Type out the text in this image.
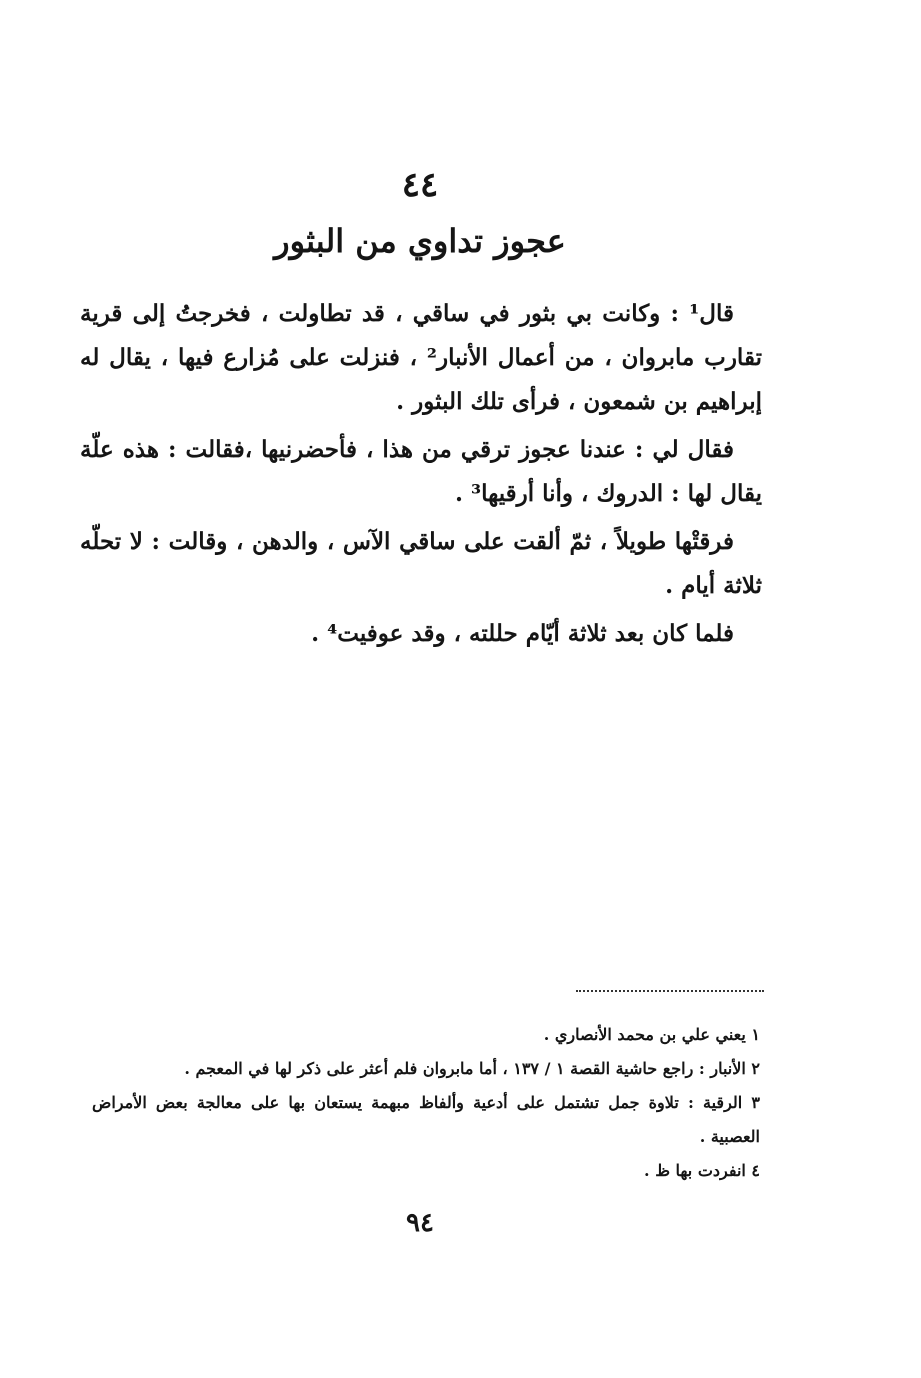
٤٤
عجوز تداوي من البثور

قال¹ : وكانت بي بثور في ساقي ، قد تطاولت ، فخرجتُ إلى قرية تقارب مابروان ، من أعمال الأنبار² ، فنزلت على مُزارع فيها ، يقال له إبراهيم بن شمعون ، فرأى تلك البثور .

فقال لي : عندنا عجوز ترقي من هذا ، فأحضرنيها ،فقالت : هذه علّة يقال لها : الدروك ، وأنا أرقيها³ .

فرقتْها طويلاً ، ثمّ ألقت على ساقي الآس ، والدهن ، وقالت : لا تحلّه ثلاثة أيام .

فلما كان بعد ثلاثة أيّام حللته ، وقد عوفيت⁴ .

١ يعني علي بن محمد الأنصاري .

٢ الأنبار : راجع حاشية القصة ١ / ١٣٧ ، أما مابروان فلم أعثر على ذكر لها في المعجم .

٣ الرقية : تلاوة جمل تشتمل على أدعية وألفاظ مبهمة يستعان بها على معالجة بعض الأمراض العصبية .

٤ انفردت بها ظ .

٩٤
